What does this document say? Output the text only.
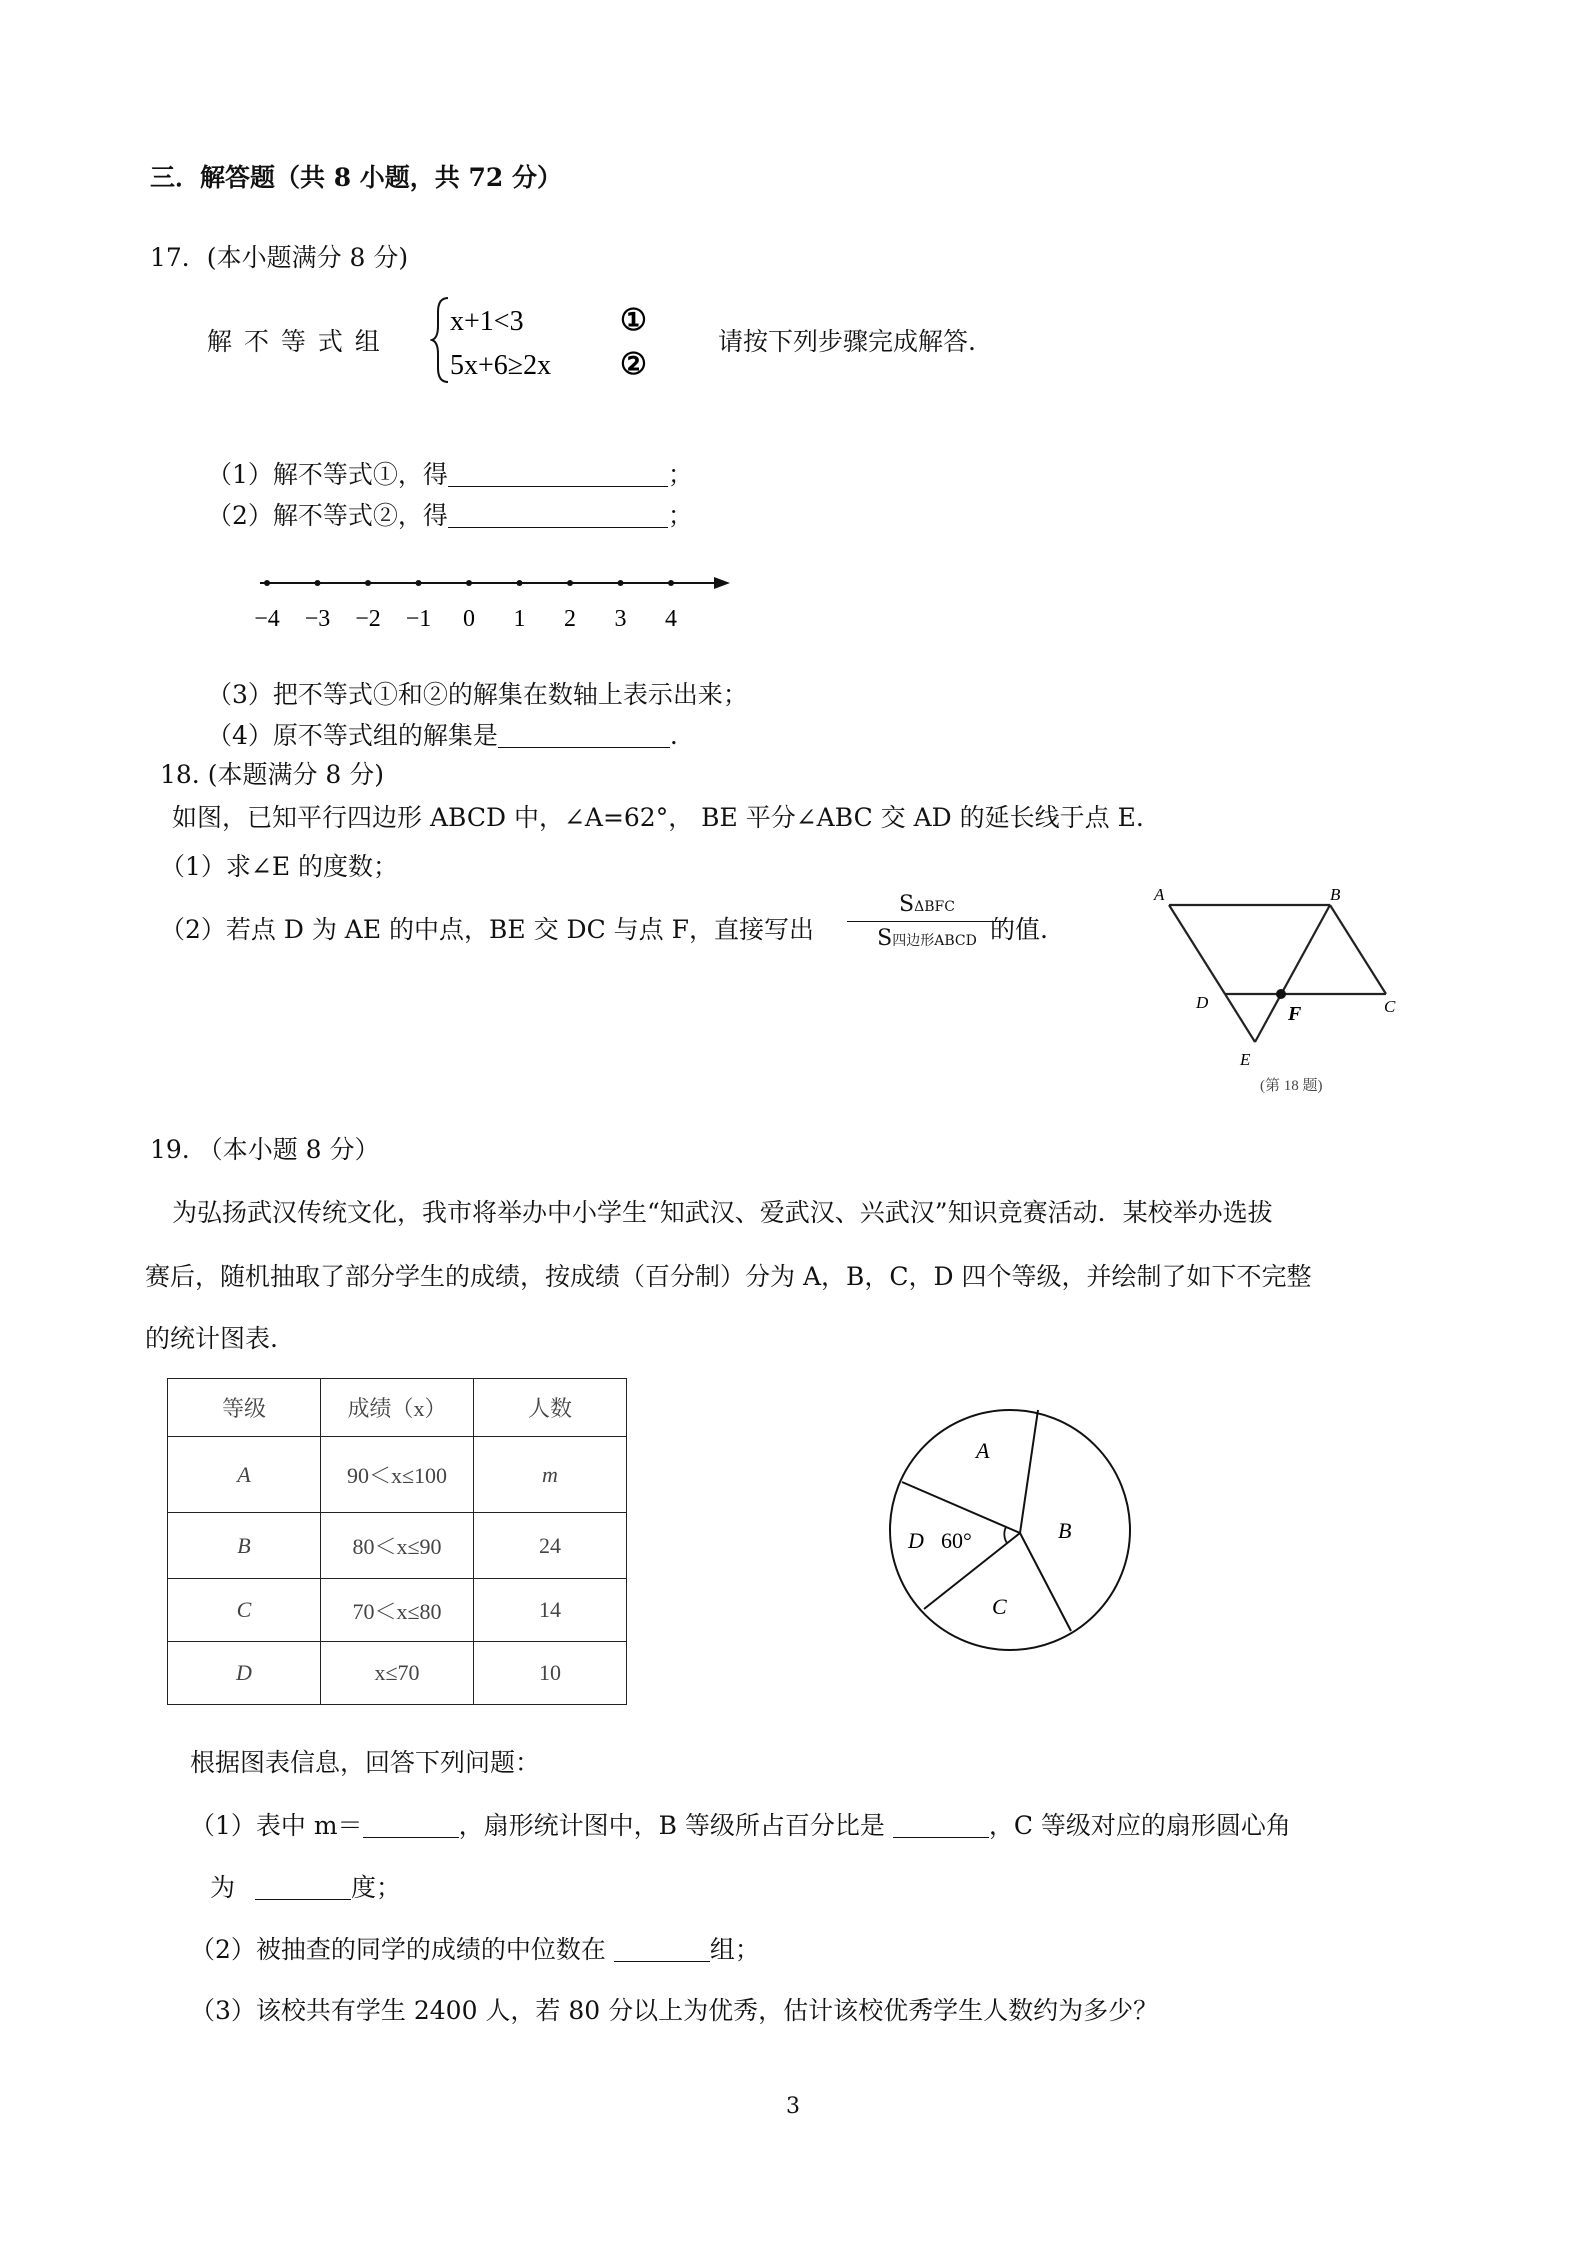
三．解答题（共 8 小题，共 72 分）
17．(本小题满分 8 分)
解 不 等 式 组
x+1<3
5x+6≥2x
①
②
请按下列步骤完成解答.
（1）解不等式①，得	；
（2）解不等式②，得	；
−4 −3 −2 −1 0 1 2 3 4
（3）把不等式①和②的解集在数轴上表示出来；
（4）原不等式组的解集是	.
18. (本题满分 8 分)
如图，已知平行四边形 ABCD 中，∠A=62°， BE 平分∠ABC 交 AD 的延长线于点 E.
（1）求∠E 的度数；
（2）若点 D 为 AE 的中点，BE 交 DC 与点 F，直接写出
SΔBFC
S四边形ABCD 的值.
A	B
C
D
E
F
(第 18 题)
19. （本小题 8 分）
为弘扬武汉传统文化，我市将举办中小学生“知武汉、爱武汉、兴武汉”知识竞赛活动．某校举办选拔
赛后，随机抽取了部分学生的成绩，按成绩（百分制）分为 A，B，C，D 四个等级，并绘制了如下不完整
的统计图表.
等级	成绩（x）	人数
A	90＜x≤100	m
B	80＜x≤90	24
C	70＜x≤80	14
D	x≤70	10
A
B
C
D 60°
根据图表信息，回答下列问题：
（1）表中 m＝	，扇形统计图中，B 等级所占百分比是	，C 等级对应的扇形圆心角
为	度；
（2）被抽查的同学的成绩的中位数在	组；
（3）该校共有学生 2400 人，若 80 分以上为优秀，估计该校优秀学生人数约为多少？
3
